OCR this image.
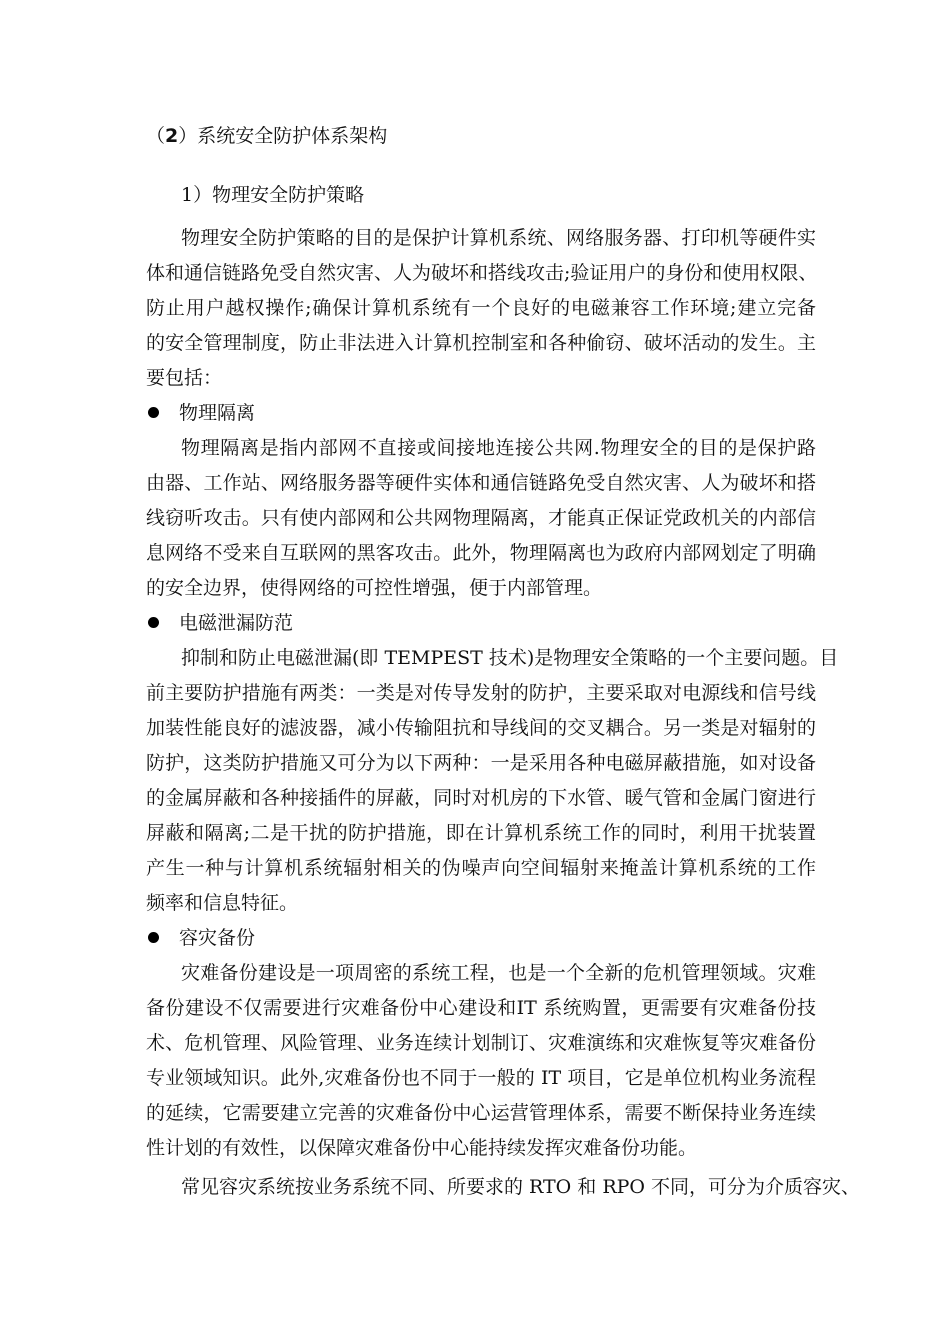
（2）系统安全防护体系架构
1）物理安全防护策略
物理安全防护策略的目的是保护计算机系统、网络服务器、打印机等硬件实
体和通信链路免受自然灾害、人为破坏和搭线攻击;验证用户的身份和使用权限、
防止用户越权操作;确保计算机系统有一个良好的电磁兼容工作环境;建立完备
的安全管理制度，防止非法进入计算机控制室和各种偷窃、破坏活动的发生。主
要包括：
物理隔离
物理隔离是指内部网不直接或间接地连接公共网.物理安全的目的是保护路
由器、工作站、网络服务器等硬件实体和通信链路免受自然灾害、人为破坏和搭
线窃听攻击。只有使内部网和公共网物理隔离，才能真正保证党政机关的内部信
息网络不受来自互联网的黑客攻击。此外，物理隔离也为政府内部网划定了明确
的安全边界，使得网络的可控性增强，便于内部管理。
电磁泄漏防范
抑制和防止电磁泄漏(即 TEMPEST 技术)是物理安全策略的一个主要问题。目
前主要防护措施有两类：一类是对传导发射的防护，主要采取对电源线和信号线
加装性能良好的滤波器，减小传输阻抗和导线间的交叉耦合。另一类是对辐射的
防护，这类防护措施又可分为以下两种：一是采用各种电磁屏蔽措施，如对设备
的金属屏蔽和各种接插件的屏蔽，同时对机房的下水管、暖气管和金属门窗进行
屏蔽和隔离;二是干扰的防护措施，即在计算机系统工作的同时，利用干扰装置
产生一种与计算机系统辐射相关的伪噪声向空间辐射来掩盖计算机系统的工作
频率和信息特征。
容灾备份
灾难备份建设是一项周密的系统工程，也是一个全新的危机管理领域。灾难
备份建设不仅需要进行灾难备份中心建设和IT 系统购置，更需要有灾难备份技
术、危机管理、风险管理、业务连续计划制订、灾难演练和灾难恢复等灾难备份
专业领域知识。此外,灾难备份也不同于一般的 IT 项目，它是单位机构业务流程
的延续，它需要建立完善的灾难备份中心运营管理体系，需要不断保持业务连续
性计划的有效性，以保障灾难备份中心能持续发挥灾难备份功能。
常见容灾系统按业务系统不同、所要求的 RTO 和 RPO 不同，可分为介质容灾、
